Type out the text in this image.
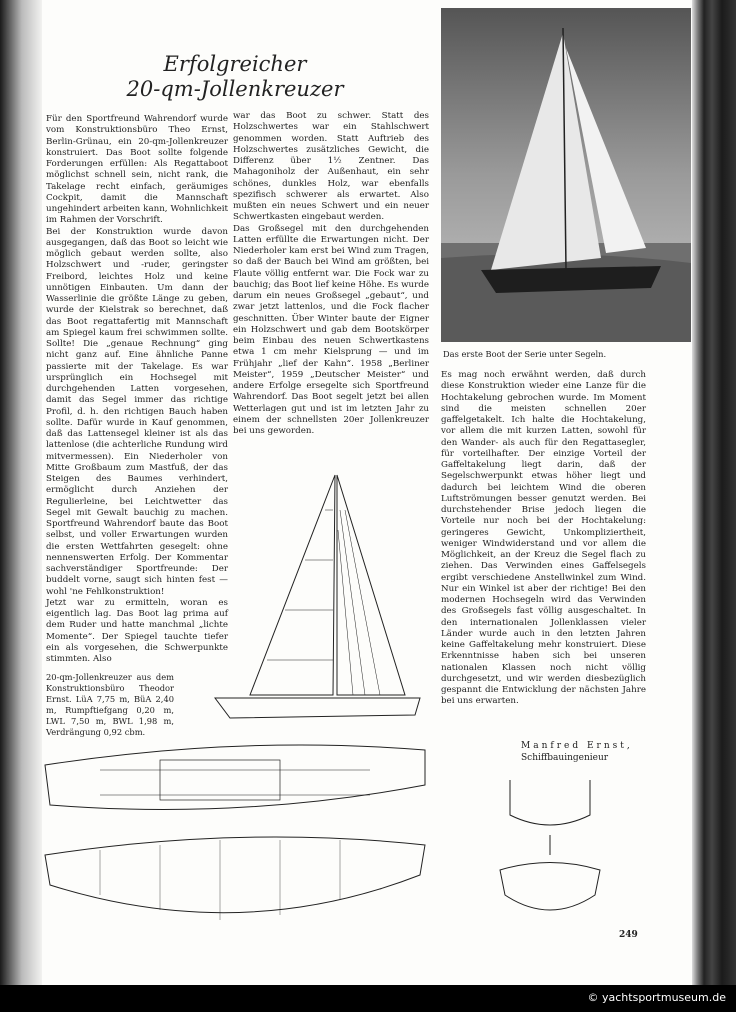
Erfolgreicher
20-qm-Jollenkreuzer

Für den Sportfreund Wahrendorf wurde vom Konstruktionsbüro Theo Ernst, Berlin-Grünau, ein 20-qm-Jollenkreuzer konstruiert. Das Boot sollte folgende Forderungen erfüllen: Als Regattaboot möglichst schnell sein, nicht rank, die Takelage recht einfach, geräumiges Cockpit, damit die Mannschaft ungehindert arbeiten kann, Wohnlichkeit im Rahmen der Vorschrift.

Bei der Konstruktion wurde davon ausgegangen, daß das Boot so leicht wie möglich gebaut werden sollte, also Holzschwert und -ruder, geringster Freibord, leichtes Holz und keine unnötigen Einbauten. Um dann der Wasserlinie die größte Länge zu geben, wurde der Kielstrak so berechnet, daß das Boot regattafertig mit Mannschaft am Spiegel kaum frei schwimmen sollte. Sollte! Die „genaue Rechnung“ ging nicht ganz auf. Eine ähnliche Panne passierte mit der Takelage. Es war ursprünglich ein Hochsegel mit durchgehenden Latten vorgesehen, damit das Segel immer das richtige Profil, d. h. den richtigen Bauch haben sollte. Dafür wurde in Kauf genommen, daß das Lattensegel kleiner ist als das lattenlose (die achterliche Rundung wird mitvermessen). Ein Niederholer von Mitte Großbaum zum Mastfuß, der das Steigen des Baumes verhindert, ermöglicht durch Anziehen der Regulierleine, bei Leichtwetter das Segel mit Gewalt bauchig zu machen. Sportfreund Wahrendorf baute das Boot selbst, und voller Erwartungen wurden die ersten Wettfahrten gesegelt: ohne nennenswerten Erfolg. Der Kommentar sachverständiger Sportfreunde: Der buddelt vorne, saugt sich hinten fest — wohl 'ne Fehlkonstruktion!

Jetzt war zu ermitteln, woran es eigentlich lag. Das Boot lag prima auf dem Ruder und hatte manchmal „lichte Momente“. Der Spiegel tauchte tiefer ein als vorgesehen, die Schwerpunkte stimmten. Also

war das Boot zu schwer. Statt des Holzschwertes war ein Stahlschwert genommen worden. Statt Auftrieb des Holzschwertes zusätzliches Gewicht, die Differenz über 1½ Zentner. Das Mahagoniholz der Außenhaut, ein sehr schönes, dunkles Holz, war ebenfalls spezifisch schwerer als erwartet. Also mußten ein neues Schwert und ein neuer Schwertkasten eingebaut werden.

Das Großsegel mit den durchgehenden Latten erfüllte die Erwartungen nicht. Der Niederholer kam erst bei Wind zum Tragen, so daß der Bauch bei Wind am größten, bei Flaute völlig entfernt war. Die Fock war zu bauchig; das Boot lief keine Höhe. Es wurde darum ein neues Großsegel „gebaut“, und zwar jetzt lattenlos, und die Fock flacher geschnitten. Über Winter baute der Eigner ein Holzschwert und gab dem Bootskörper beim Einbau des neuen Schwertkastens etwa 1 cm mehr Kielsprung — und im Frühjahr „lief der Kahn“. 1958 „Berliner Meister“, 1959 „Deutscher Meister“ und andere Erfolge ersegelte sich Sportfreund Wahrendorf. Das Boot segelt jetzt bei allen Wetterlagen gut und ist im letzten Jahr zu einem der schnellsten 20er Jollenkreuzer bei uns geworden.

Es mag noch erwähnt werden, daß durch diese Konstruktion wieder eine Lanze für die Hochtakelung gebrochen wurde. Im Moment sind die meisten schnellen 20er gaffelgetakelt. Ich halte die Hochtakelung, vor allem die mit kurzen Latten, sowohl für den Wander- als auch für den Regattasegler, für vorteilhafter. Der einzige Vorteil der Gaffeltakelung liegt darin, daß der Segelschwerpunkt etwas höher liegt und dadurch bei leichtem Wind die oberen Luftströmungen besser genutzt werden. Bei durchstehender Brise jedoch liegen die Vorteile nur noch bei der Hochtakelung: geringeres Gewicht, Unkompliziertheit, weniger Windwiderstand und vor allem die Möglichkeit, an der Kreuz die Segel flach zu ziehen. Das Verwinden eines Gaffelsegels ergibt verschiedene Anstellwinkel zum Wind. Nur ein Winkel ist aber der richtige! Bei den modernen Hochsegeln wird das Verwinden des Großsegels fast völlig ausgeschaltet. In den internationalen Jollenklassen vieler Länder wurde auch in den letzten Jahren keine Gaffeltakelung mehr konstruiert. Diese Erkenntnisse haben sich bei unseren nationalen Klassen noch nicht völlig durchgesetzt, und wir werden diesbezüglich gespannt die Entwicklung der nächsten Jahre bei uns erwarten.

Manfred Ernst,
Schiffbauingenieur
20-qm-Jollenkreuzer aus dem Konstruktionsbüro Theodor Ernst. LüA 7,75 m, BüA 2,40 m, Rumpftiefgang 0,20 m, LWL 7,50 m, BWL 1,98 m, Verdrängung 0,92 cbm.
Das erste Boot der Serie unter Segeln.
249
© yachtsportmuseum.de
